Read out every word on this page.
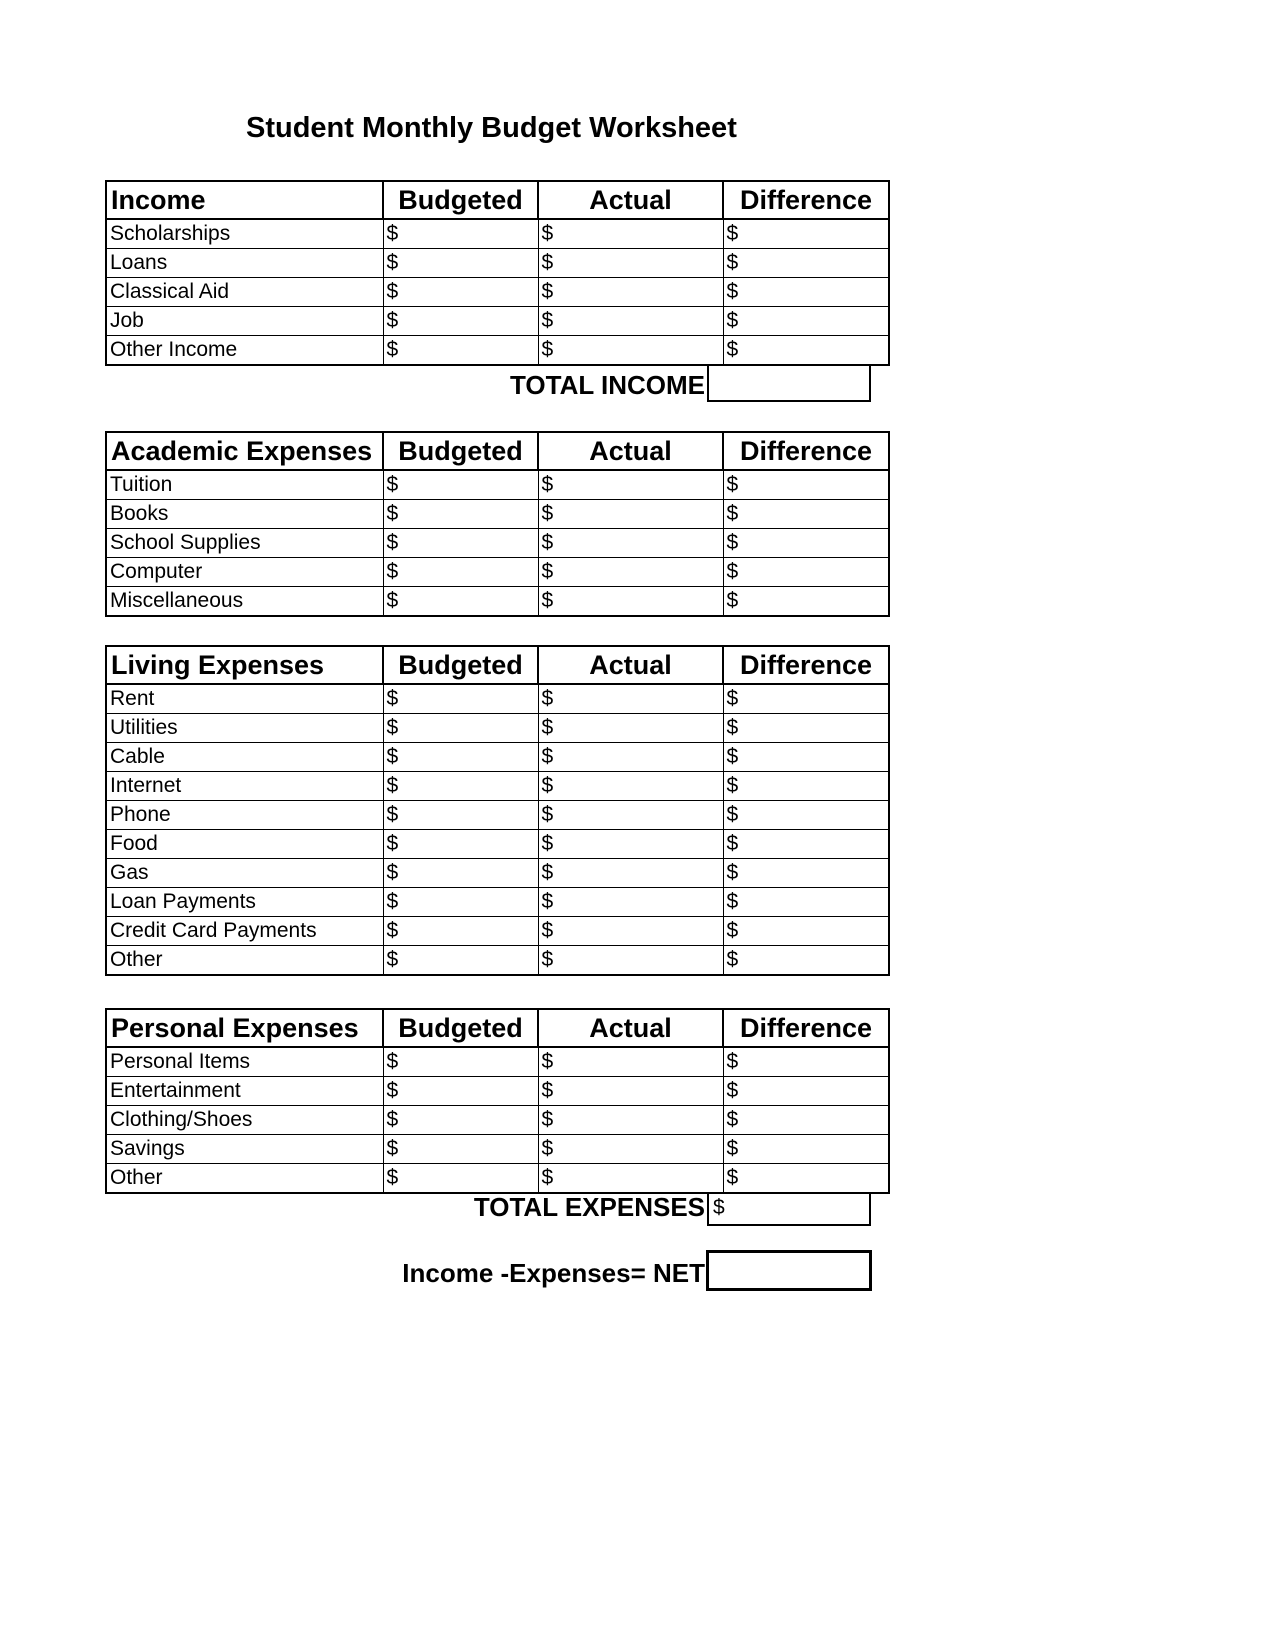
Student Monthly Budget Worksheet
Income	Budgeted	Actual	Difference
Scholarships	$	$	$
Loans	$	$	$
Classical Aid	$	$	$
Job	$	$	$
Other Income	$	$	$
TOTAL INCOME
Academic Expenses	Budgeted	Actual	Difference
Tuition	$	$	$
Books	$	$	$
School Supplies	$	$	$
Computer	$	$	$
Miscellaneous	$	$	$
Living Expenses	Budgeted	Actual	Difference
Rent	$	$	$
Utilities	$	$	$
Cable	$	$	$
Internet	$	$	$
Phone	$	$	$
Food	$	$	$
Gas	$	$	$
Loan Payments	$	$	$
Credit Card Payments	$	$	$
Other	$	$	$
Personal Expenses	Budgeted	Actual	Difference
Personal Items	$	$	$
Entertainment	$	$	$
Clothing/Shoes	$	$	$
Savings	$	$	$
Other	$	$	$
TOTAL EXPENSES $
Income -Expenses= NET
